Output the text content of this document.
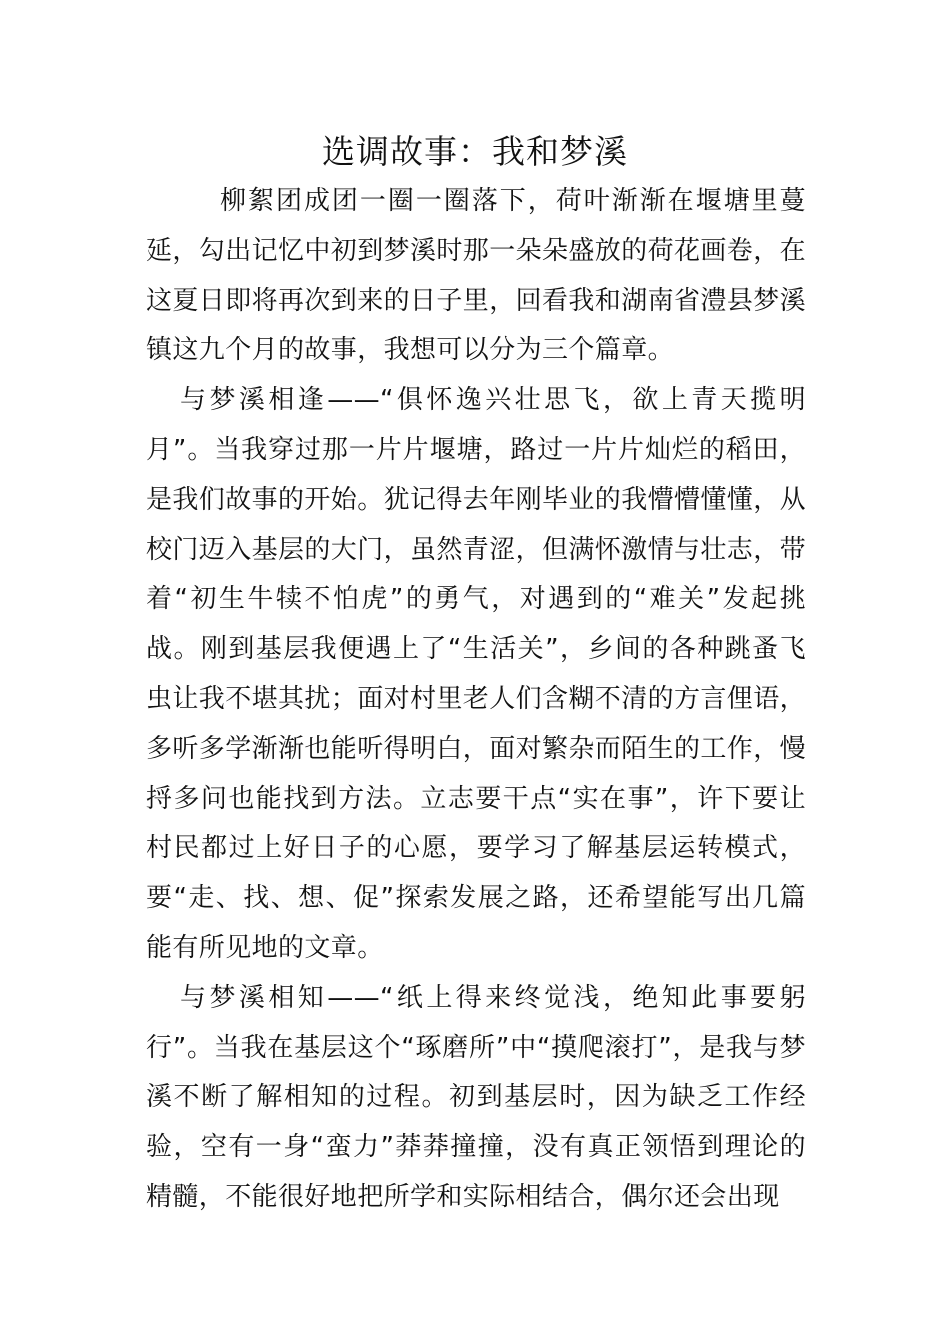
选调故事：我和梦溪

柳絮团成团一圈一圈落下，荷叶渐渐在堰塘里蔓延，勾出记忆中初到梦溪时那一朵朵盛放的荷花画卷，在这夏日即将再次到来的日子里，回看我和湖南省澧县梦溪镇这九个月的故事，我想可以分为三个篇章。

与梦溪相逢——“俱怀逸兴壮思飞，欲上青天揽明月”。当我穿过那一片片堰塘，路过一片片灿烂的稻田，是我们故事的开始。犹记得去年刚毕业的我懵懵懂懂，从校门迈入基层的大门，虽然青涩，但满怀激情与壮志，带着“初生牛犊不怕虎”的勇气，对遇到的“难关”发起挑战。刚到基层我便遇上了“生活关”，乡间的各种跳蚤飞虫让我不堪其扰；面对村里老人们含糊不清的方言俚语，多听多学渐渐也能听得明白，面对繁杂而陌生的工作，慢捋多问也能找到方法。立志要干点“实在事”，许下要让村民都过上好日子的心愿，要学习了解基层运转模式，要“走、找、想、促”探索发展之路，还希望能写出几篇能有所见地的文章。

与梦溪相知——“纸上得来终觉浅，绝知此事要躬行”。当我在基层这个“琢磨所”中“摸爬滚打”，是我与梦溪不断了解相知的过程。初到基层时，因为缺乏工作经验，空有一身“蛮力”莽莽撞撞，没有真正领悟到理论的精髓，不能很好地把所学和实际相结合，偶尔还会出现
